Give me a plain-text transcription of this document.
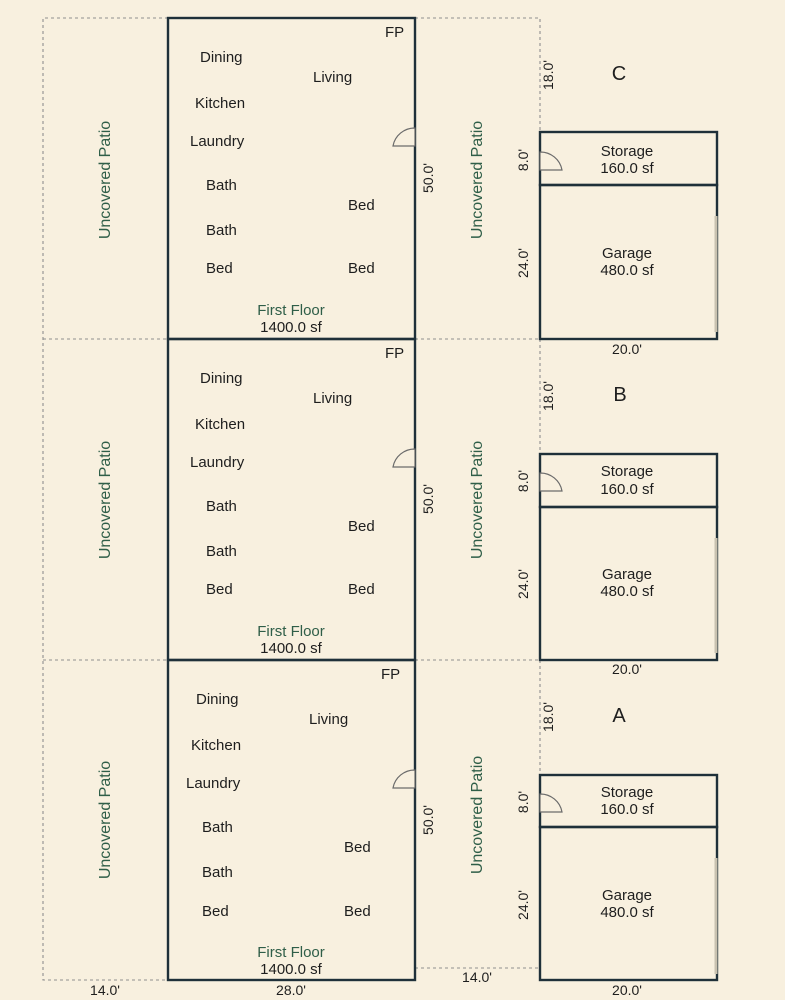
FP
Dining
Living
Kitchen
Laundry
Bath
Bed
Bath
Bed	Bed
First Floor
1400.0 sf
Uncovered Patio	Uncovered Patio
50.0'
18.0'	C
8.0'	Storage
160.0 sf
24.0'	Garage
480.0 sf
20.0'
FP
Dining
Living
Kitchen
Laundry
Bath
Bed
Bath
Bed	Bed
First Floor
1400.0 sf
Uncovered Patio	Uncovered Patio
50.0'
18.0'	B
8.0'	Storage
160.0 sf
24.0'	Garage
480.0 sf
20.0'
FP
Dining
Living
Kitchen
Laundry
Bath
Bed
Bath
Bed	Bed
First Floor
1400.0 sf
Uncovered Patio	Uncovered Patio
50.0'
18.0'	A
8.0'	Storage
160.0 sf
24.0'	Garage
480.0 sf
14.0'	28.0'
14.0'
20.0'
